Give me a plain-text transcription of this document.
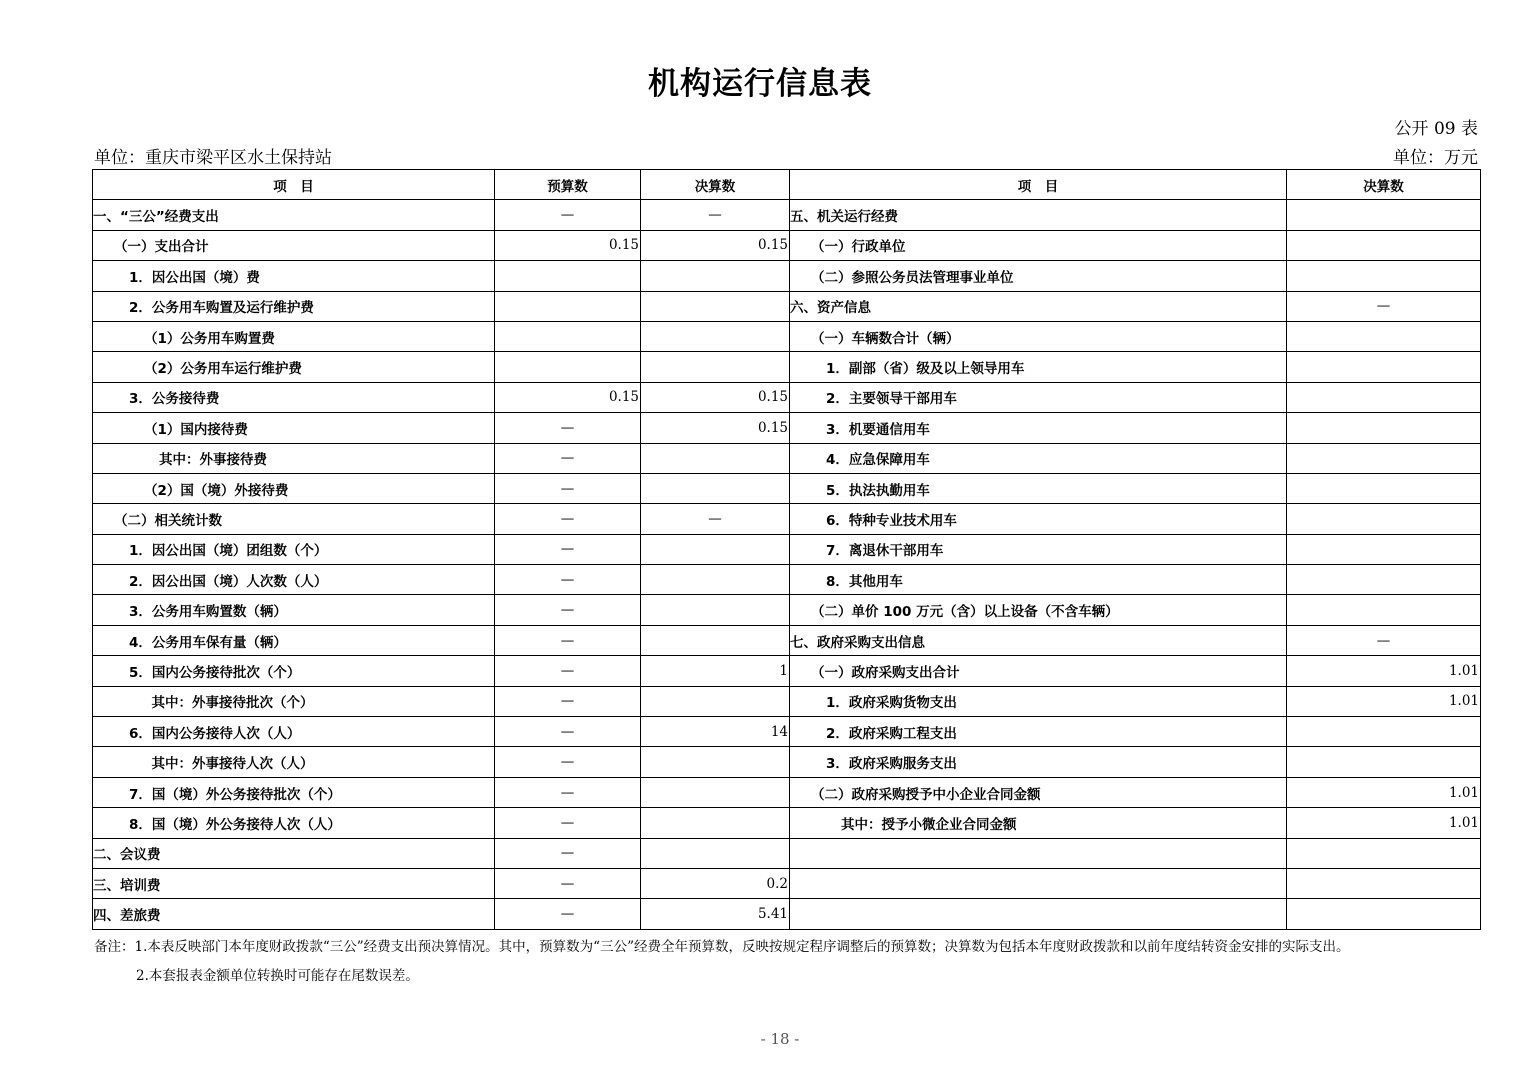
机构运行信息表
公开 09 表
单位：重庆市梁平区水土保持站	单位：万元
项　目	预算数	决算数	项　目	决算数
一、“三公”经费支出	—	—	五、机关运行经费	
（一）支出合计	0.15	0.15	（一）行政单位	
1．因公出国（境）费			（二）参照公务员法管理事业单位	
2．公务用车购置及运行维护费			六、资产信息	—
（1）公务用车购置费			（一）车辆数合计（辆）	
（2）公务用车运行维护费			1．副部（省）级及以上领导用车	
3．公务接待费	0.15	0.15	2．主要领导干部用车	
（1）国内接待费	—	0.15	3．机要通信用车	
其中：外事接待费	—		4．应急保障用车	
（2）国（境）外接待费	—		5．执法执勤用车	
（二）相关统计数	—	—	6．特种专业技术用车	
1．因公出国（境）团组数（个）	—		7．离退休干部用车	
2．因公出国（境）人次数（人）	—		8．其他用车	
3．公务用车购置数（辆）	—		（二）单价 100 万元（含）以上设备（不含车辆）	
4．公务用车保有量（辆）	—		七、政府采购支出信息	—
5．国内公务接待批次（个）	—	1	（一）政府采购支出合计	1.01
其中：外事接待批次（个）	—		1．政府采购货物支出	1.01
6．国内公务接待人次（人）	—	14	2．政府采购工程支出	
其中：外事接待人次（人）	—		3．政府采购服务支出	
7．国（境）外公务接待批次（个）	—		（二）政府采购授予中小企业合同金额	1.01
8．国（境）外公务接待人次（人）	—		其中：授予小微企业合同金额	1.01
二、会议费	—			
三、培训费	—	0.2		
四、差旅费	—	5.41		
备注：1.本表反映部门本年度财政拨款“三公”经费支出预决算情况。其中，预算数为“三公”经费全年预算数，反映按规定程序调整后的预算数；决算数为包括本年度财政拨款和以前年度结转资金安排的实际支出。
2.本套报表金额单位转换时可能存在尾数误差。
- 18 -
